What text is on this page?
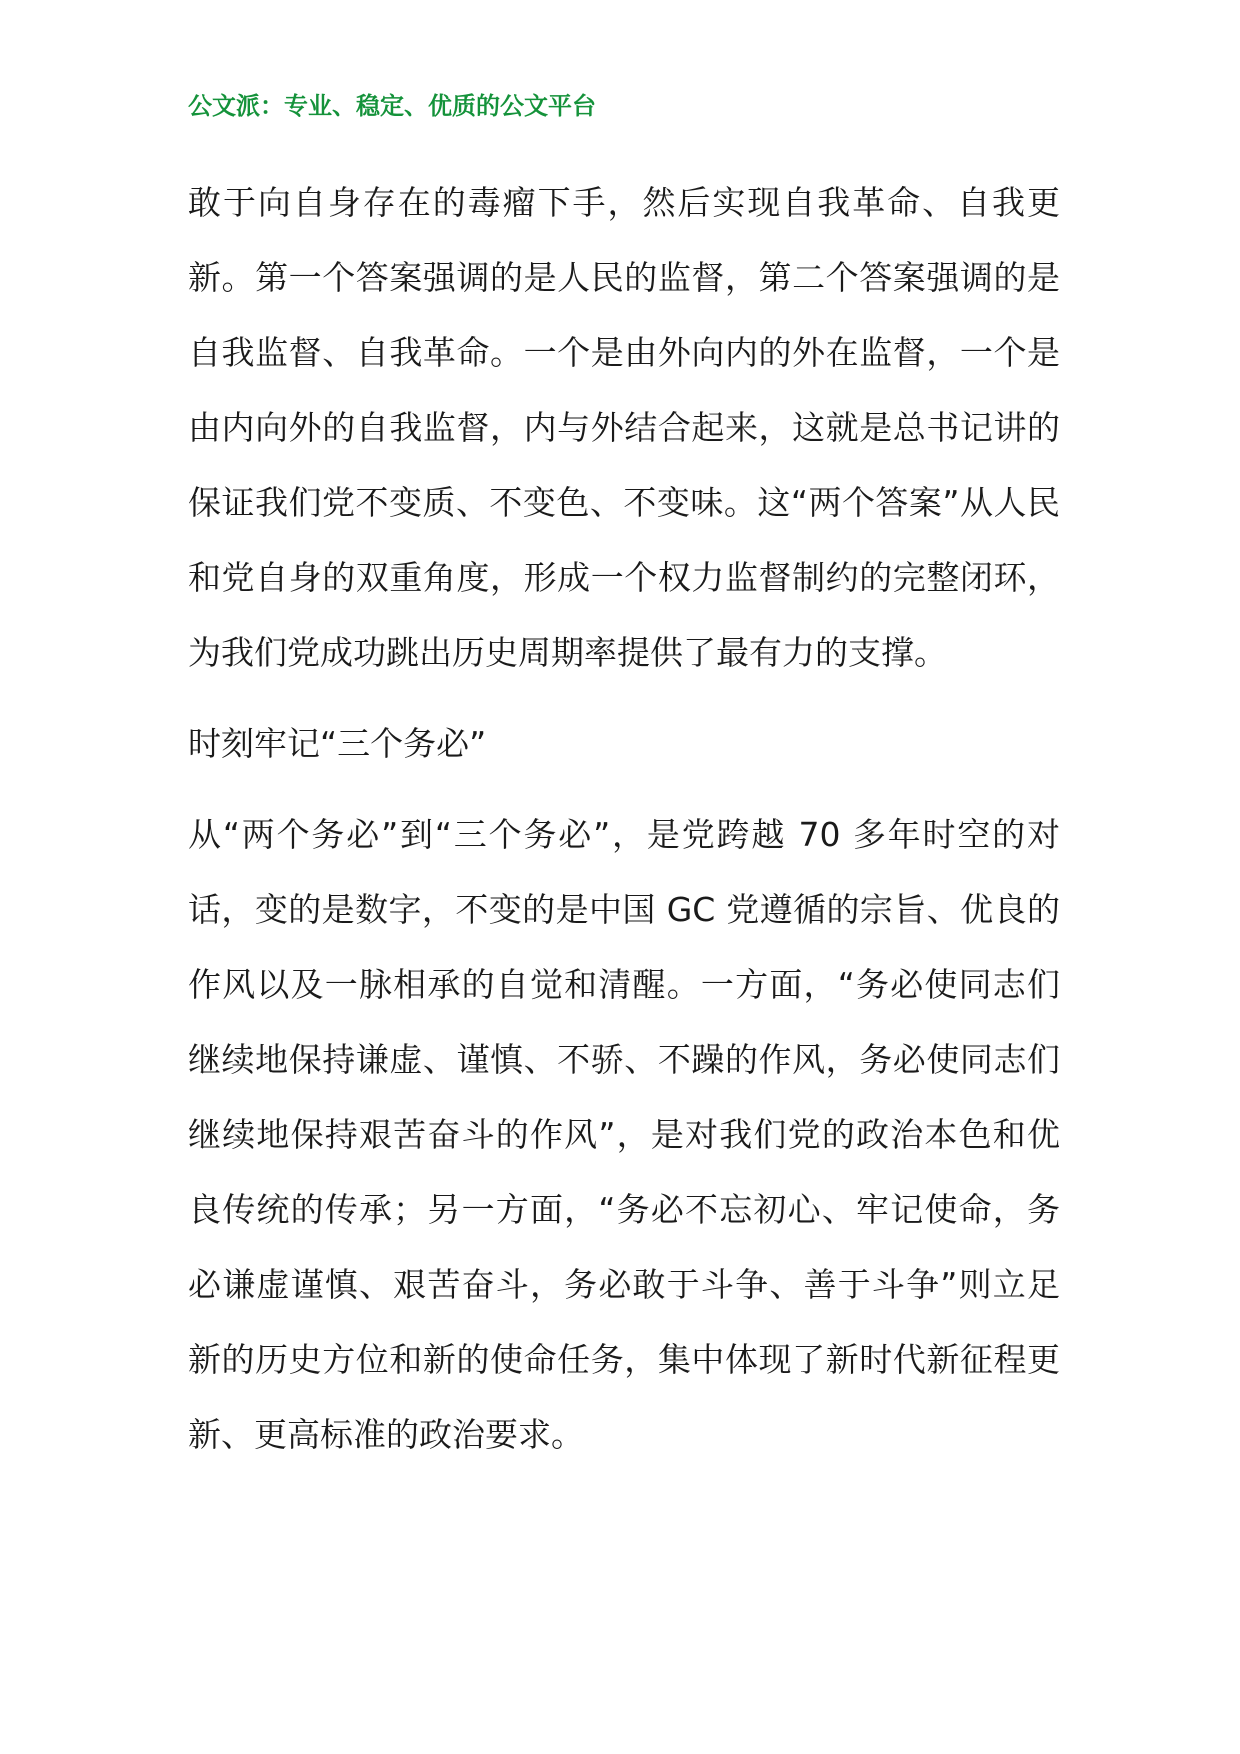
公文派：专业、稳定、优质的公文平台

敢于向自身存在的毒瘤下手，然后实现自我革命、自我更新。第一个答案强调的是人民的监督，第二个答案强调的是自我监督、自我革命。一个是由外向内的外在监督，一个是由内向外的自我监督，内与外结合起来，这就是总书记讲的保证我们党不变质、不变色、不变味。这“两个答案”从人民和党自身的双重角度，形成一个权力监督制约的完整闭环，为我们党成功跳出历史周期率提供了最有力的支撑。

时刻牢记“三个务必”

从“两个务必”到“三个务必”，是党跨越 70 多年时空的对话，变的是数字，不变的是中国 GC 党遵循的宗旨、优良的作风以及一脉相承的自觉和清醒。一方面，“务必使同志们继续地保持谦虚、谨慎、不骄、不躁的作风，务必使同志们继续地保持艰苦奋斗的作风”，是对我们党的政治本色和优良传统的传承；另一方面，“务必不忘初心、牢记使命，务必谦虚谨慎、艰苦奋斗，务必敢于斗争、善于斗争”则立足新的历史方位和新的使命任务，集中体现了新时代新征程更新、更高标准的政治要求。
